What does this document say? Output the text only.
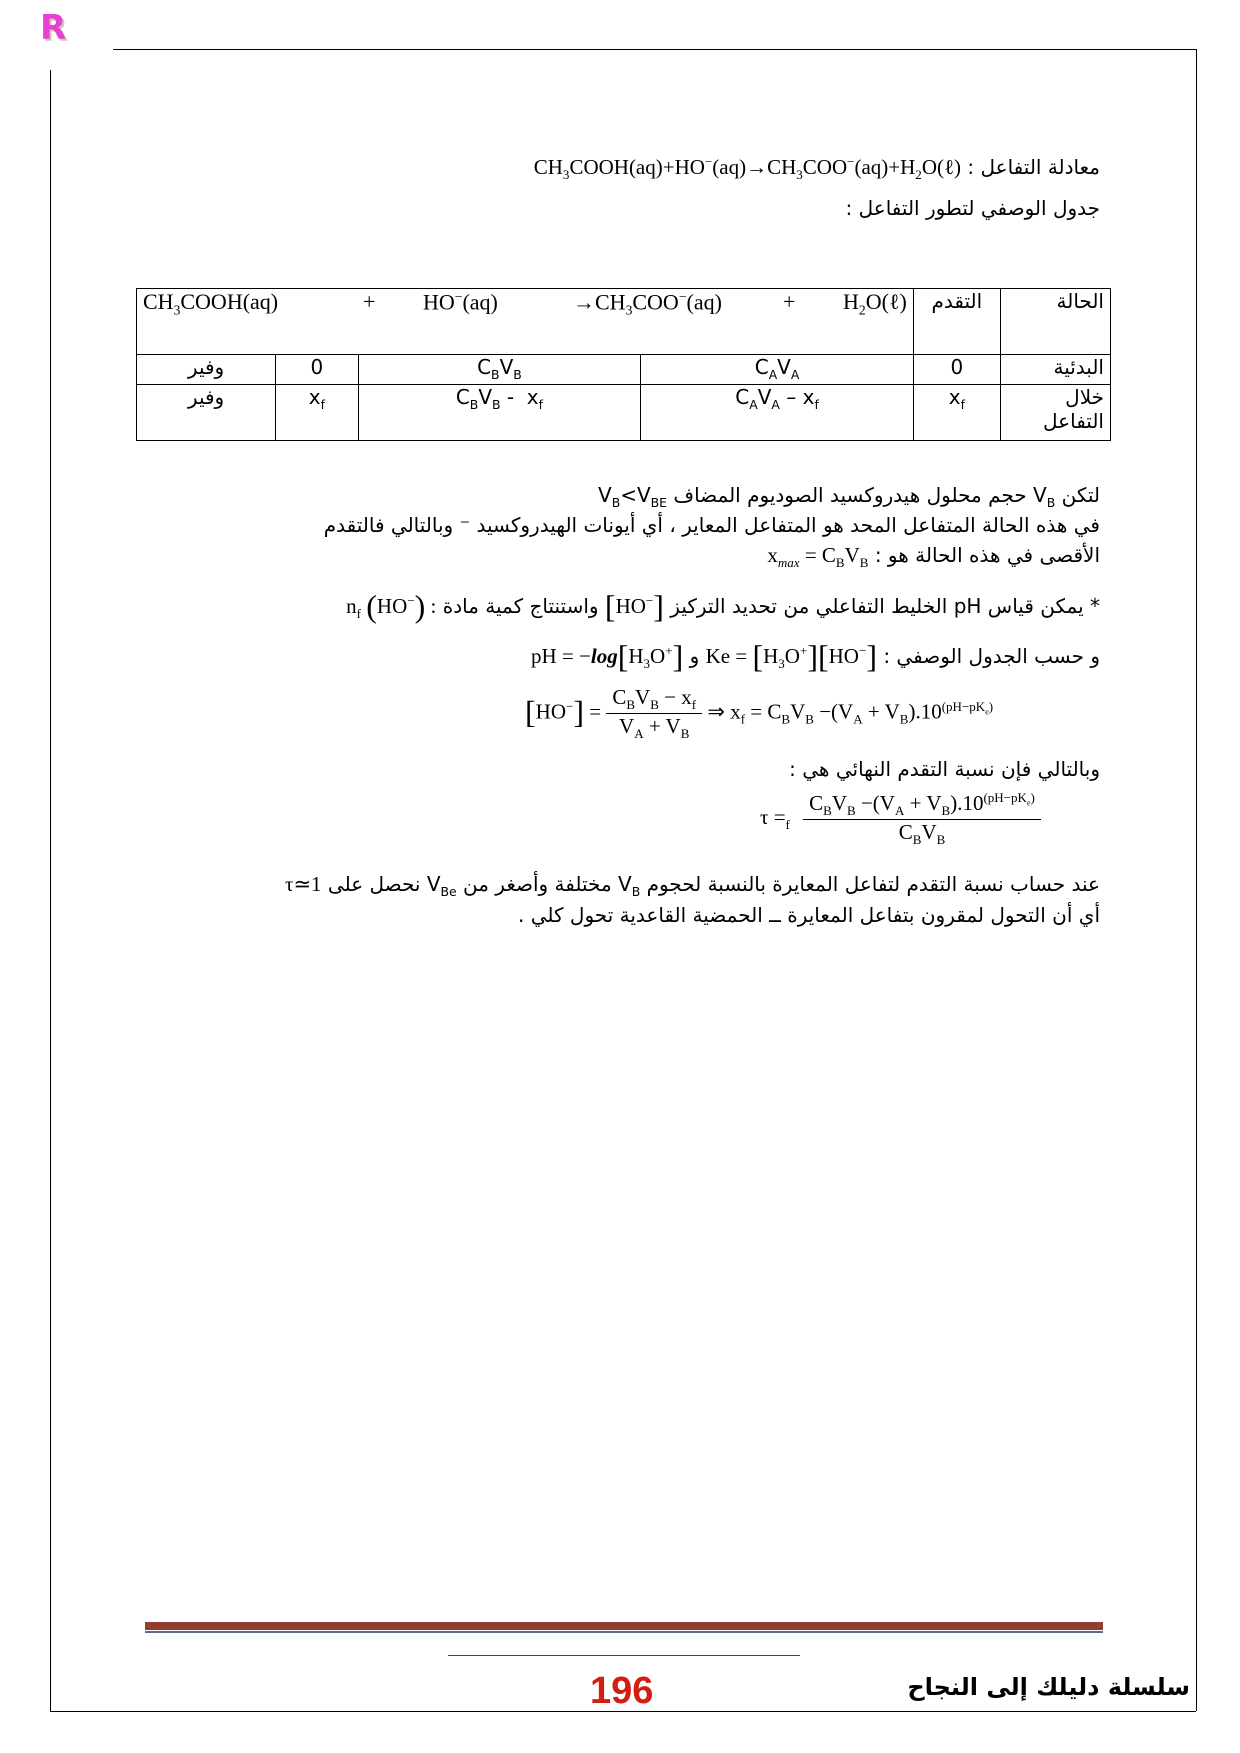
R
معادلة التفاعل : $CH_3COOH(aq)+HO^-(aq)\to CH_3COO^-(aq)+H_2O(\ell)$
جدول الوصفي لتطور التفاعل :
$CH_3COOH(aq) + HO^-(aq) \to CH_3COO^-(aq)$ + $H_2O(\ell)$				التقدم	الحالة
وفير	0	$C_BV_B$	$C_AV_A$	0	البدئية
وفير	$x_f$	$C_BV_B - x_f$	$C_AV_A - x_f$	$x_f$	خلال التفاعل
لتكن $V_B$ حجم محلول هيدروكسيد الصوديوم المضاف $V_B<V_{BE}$
في هذه الحالة المتفاعل المحد هو المتفاعل المعاير ، أي أيونات الهيدروكسيد ⁻ وبالتالي فالتقدم
الأقصى في هذه الحالة هو : $x_{max} = C_BV_B$
* يمكن قياس pH الخليط التفاعلي من تحديد التركيز [HO−] واستنتاج كمية مادة $n_f$ (HO−) :
و حسب الجدول الوصفي : $Ke = [H_3O^+][HO^-]$ و pH = $-\log[H_3O^+]$
$[HO^-] = \frac{C_BV_B - x_f}{V_A + V_B}$ ⇒ $x_f = C_BV_B -(V_A + V_B).10^{(pH-pK_e)}$
وبالتالي فإن نسبة التقدم النهائي هي :
$\tau =_f \frac{C_BV_B -(V_A + V_B).10^{(pH-pK_e)}}{C_BV_B}$
عند حساب نسبة التقدم لتفاعل المعايرة بالنسبة لحجوم $V_B$ مختلفة وأصغر من $V_{Be}$ نحصل على τ≃1
أي أن التحول لمقرون بتفاعل المعايرة ــ الحمضية القاعدية تحول كلي .
196	سلسلة دليلك إلى النجاح
